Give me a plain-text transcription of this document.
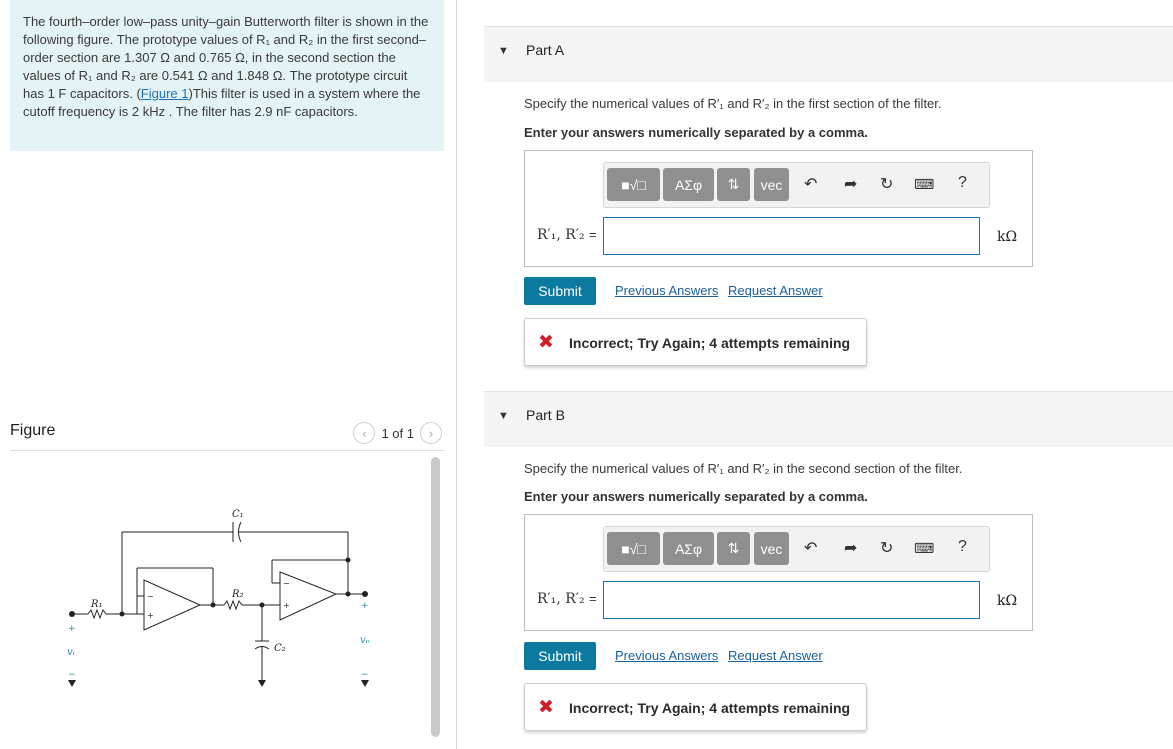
The fourth–order low–pass unity–gain Butterworth filter is shown in the following figure. The prototype values of R₁ and R₂ in the first second–order section are 1.307 Ω and 0.765 Ω, in the second section the values of R₁ and R₂ are 0.541 Ω and 1.848 Ω. The prototype circuit has 1 F capacitors. (Figure 1)This filter is used in a system where the cutoff frequency is 2 kHz . The filter has 2.9 nF capacitors.
Figure	‹	1 of 1	›
C₁
C₂
R₁
R₂
vᵢ
vₒ
+
+
−	−
−
+
−
+
▼ Part A
Specify the numerical values of R′₁ and R′₂ in the first section of the filter.
Enter your answers numerically separated by a comma.
■√□	AΣφ	⇅	vec	↶ ➦ ↻ ⌨ ?
R′₁, R′₂ =	kΩ
Submit	Previous Answers Request Answer
✖ Incorrect; Try Again; 4 attempts remaining
▼ Part B
Specify the numerical values of R′₁ and R′₂ in the second section of the filter.
Enter your answers numerically separated by a comma.
■√□	AΣφ	⇅	vec	↶ ➦ ↻ ⌨ ?
R′₁, R′₂ =	kΩ
Submit	Previous Answers Request Answer
✖ Incorrect; Try Again; 4 attempts remaining
